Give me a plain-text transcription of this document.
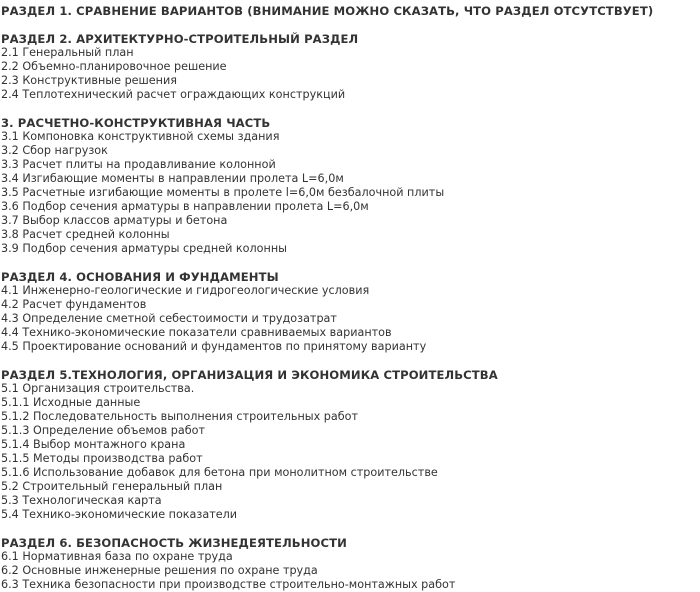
РАЗДЕЛ 1. СРАВНЕНИЕ ВАРИАНТОВ (ВНИМАНИЕ МОЖНО СКАЗАТЬ, ЧТО РАЗДЕЛ ОТСУТСТВУЕТ)

РАЗДЕЛ 2. АРХИТЕКТУРНО-СТРОИТЕЛЬНЫЙ РАЗДЕЛ

2.1 Генеральный план

2.2 Объемно-планировочное решение

2.3 Конструктивные решения

2.4 Теплотехнический расчет ограждающих конструкций

3. РАСЧЕТНО-КОНСТРУКТИВНАЯ ЧАСТЬ

3.1 Компоновка конструктивной схемы здания

3.2 Сбор нагрузок

3.3 Расчет плиты на продавливание колонной

3.4 Изгибающие моменты в направлении пролета L=6,0м

3.5 Расчетные изгибающие моменты в пролете l=6,0м безбалочной плиты

3.6 Подбор сечения арматуры в направлении пролета L=6,0м

3.7 Выбор классов арматуры и бетона

3.8 Расчет средней колонны

3.9 Подбор сечения арматуры средней колонны

РАЗДЕЛ 4. ОСНОВАНИЯ И ФУНДАМЕНТЫ

4.1 Инженерно-геологические и гидрогеологические условия

4.2 Расчет фундаментов

4.3 Определение сметной себестоимости и трудозатрат

4.4 Технико-экономические показатели сравниваемых вариантов

4.5 Проектирование оснований и фундаментов по принятому варианту

РАЗДЕЛ 5.ТЕХНОЛОГИЯ, ОРГАНИЗАЦИЯ И ЭКОНОМИКА СТРОИТЕЛЬСТВА

5.1 Организация строительства.

5.1.1 Исходные данные

5.1.2 Последовательность выполнения строительных работ

5.1.3 Определение объемов работ

5.1.4 Выбор монтажного крана

5.1.5 Методы производства работ

5.1.6 Использование добавок для бетона при монолитном строительстве

5.2 Строительный генеральный план

5.3 Технологическая карта

5.4 Технико-экономические показатели

РАЗДЕЛ 6. БЕЗОПАСНОСТЬ ЖИЗНЕДЕЯТЕЛЬНОСТИ

6.1 Нормативная база по охране труда

6.2 Основные инженерные решения по охране труда

6.3 Техника безопасности при производстве строительно-монтажных работ
